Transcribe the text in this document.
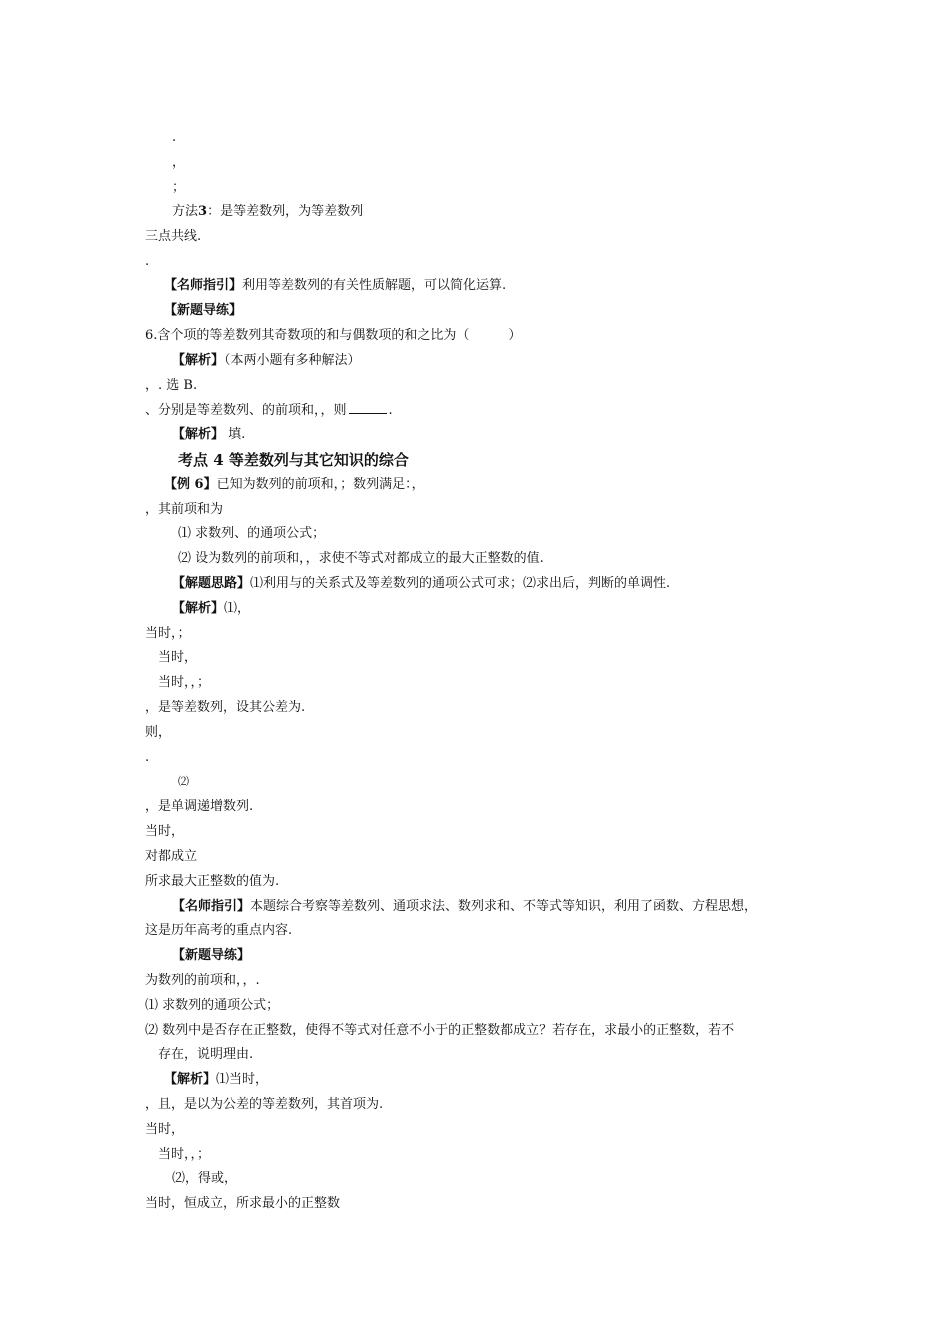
.
，
；
方法3：是等差数列，为等差数列
三点共线.
.
【名师指引】利用等差数列的有关性质解题，可以简化运算.
【新题导练】
6.含个项的等差数列其奇数项的和与偶数项的和之比为（　　　）
【解析】（本两小题有多种解法）
，. 选 B.
、分别是等差数列、的前项和，，则	.
【解析】 填.
考点 4 等差数列与其它知识的综合
【例 6】已知为数列的前项和，；数列满足：，
，其前项和为
⑴ 求数列、的通项公式；
⑵ 设为数列的前项和，，求使不等式对都成立的最大正整数的值.
【解题思路】⑴利用与的关系式及等差数列的通项公式可求；⑵求出后，判断的单调性.
【解析】⑴，
当时，；
当时，
当时，，；
，是等差数列，设其公差为.
则，
.
⑵
，是单调递增数列.
当时，
对都成立
所求最大正整数的值为.
【名师指引】本题综合考察等差数列、通项求法、数列求和、不等式等知识，利用了函数、方程思想，
这是历年高考的重点内容.
【新题导练】
为数列的前项和，，.
⑴ 求数列的通项公式；
⑵ 数列中是否存在正整数，使得不等式对任意不小于的正整数都成立？若存在，求最小的正整数，若不
存在，说明理由.
【解析】⑴当时，
，且，是以为公差的等差数列，其首项为.
当时，
当时，，；
⑵，得或，
当时，恒成立，所求最小的正整数
